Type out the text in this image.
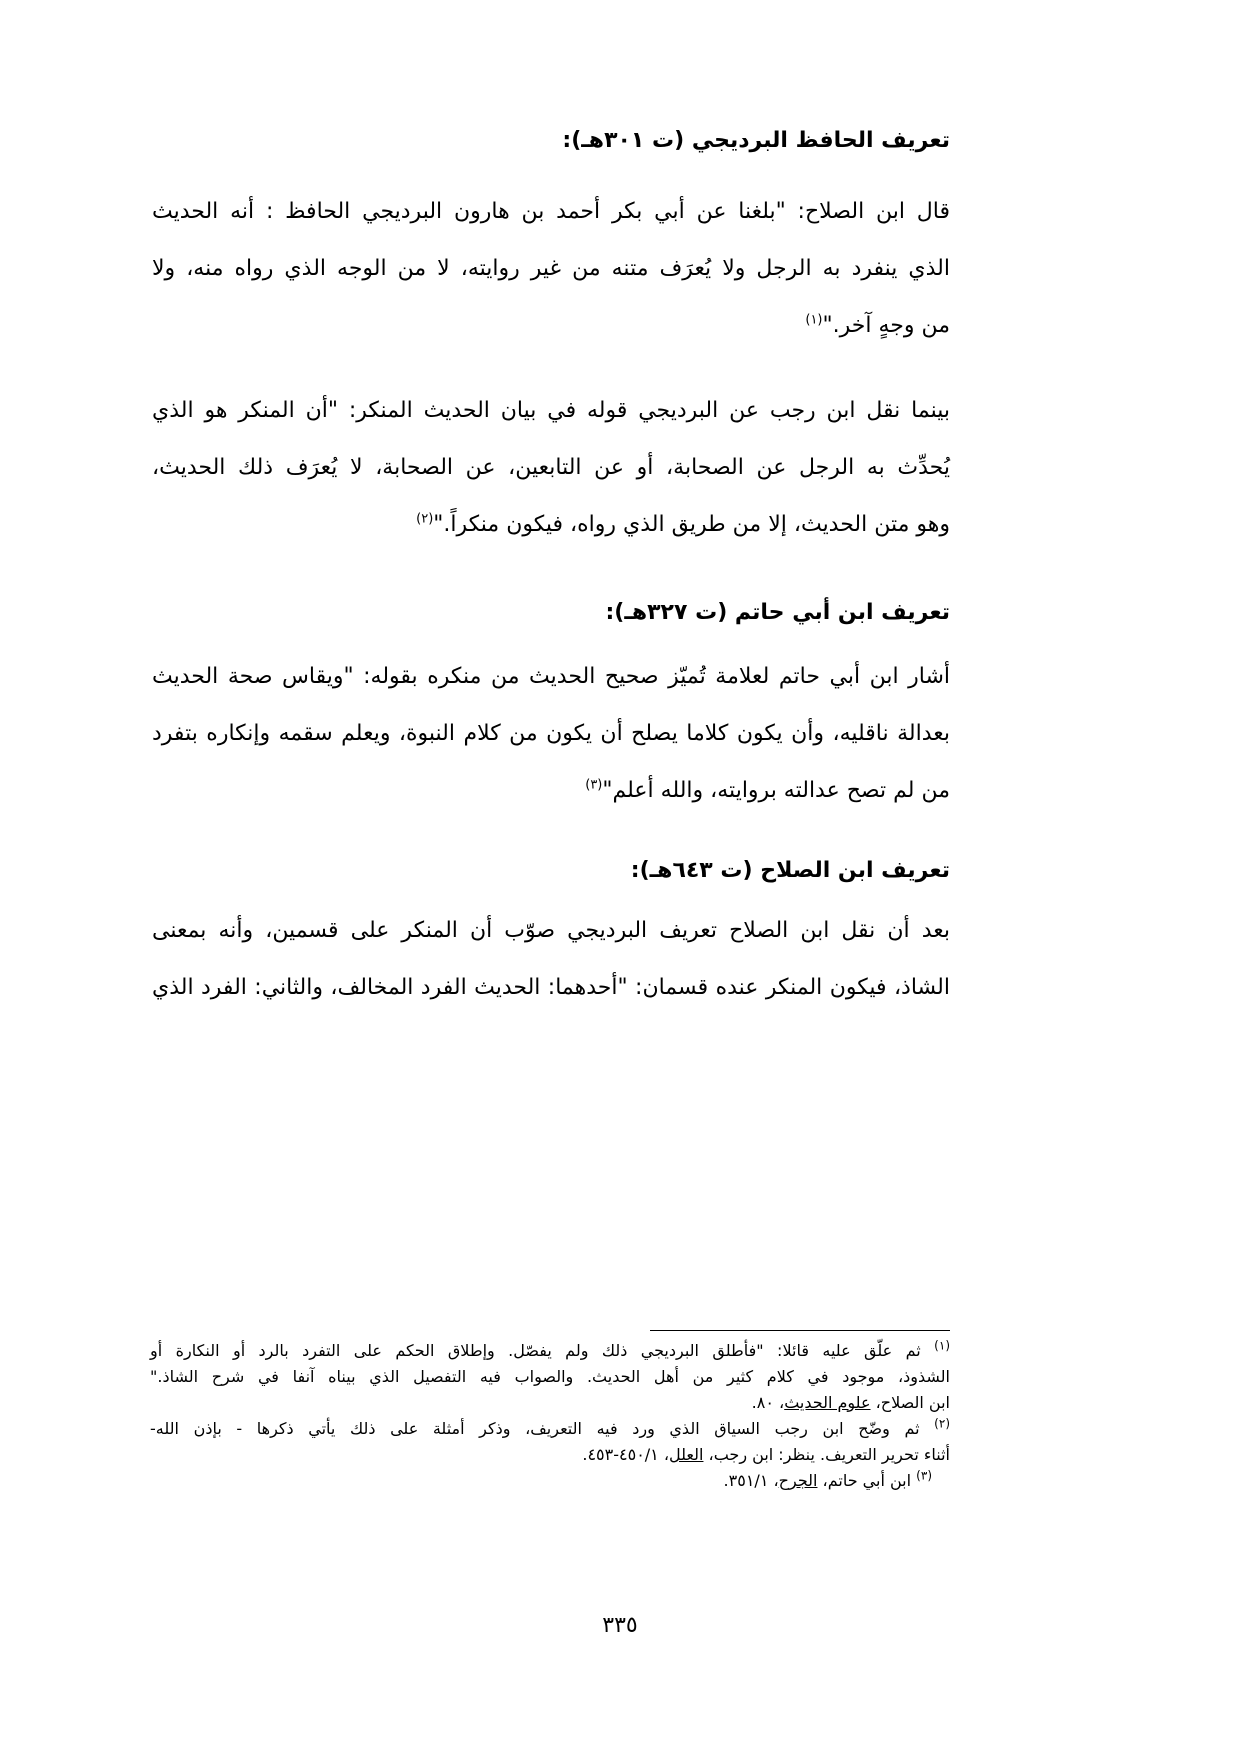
تعريف الحافظ البرديجي (ت ٣٠١هـ):
قال ابن الصلاح: "بلغنا عن أبي بكر أحمد بن هارون البرديجي الحافظ : أنه الحديث
الذي ينفرد به الرجل ولا يُعرَف متنه من غير روايته، لا من الوجه الذي رواه منه، ولا
من وجهٍ آخر."$^{(١)}$
بينما نقل ابن رجب عن البرديجي قوله في بيان الحديث المنكر: "أن المنكر هو الذي
يُحدِّث به الرجل عن الصحابة، أو عن التابعين، عن الصحابة، لا يُعرَف ذلك الحديث،
وهو متن الحديث، إلا من طريق الذي رواه، فيكون منكراً."$^{(٢)}$
تعريف ابن أبي حاتم (ت ٣٢٧هـ):
أشار ابن أبي حاتم لعلامة تُميّز صحيح الحديث من منكره بقوله: "ويقاس صحة الحديث
بعدالة ناقليه، وأن يكون كلاما يصلح أن يكون من كلام النبوة، ويعلم سقمه وإنكاره بتفرد
من لم تصح عدالته بروايته، والله أعلم"$^{(٣)}$
تعريف ابن الصلاح (ت ٦٤٣هـ):
بعد أن نقل ابن الصلاح تعريف البرديجي صوّب أن المنكر على قسمين، وأنه بمعنى
الشاذ، فيكون المنكر عنده قسمان: "أحدهما: الحديث الفرد المخالف، والثاني: الفرد الذي
$^{(١)}$ ثم علّق عليه قائلا: "فأطلق البرديجي ذلك ولم يفصّل. وإطلاق الحكم على التفرد بالرد أو النكارة أو
الشذوذ، موجود في كلام كثير من أهل الحديث. والصواب فيه التفصيل الذي بيناه آنفا في شرح الشاذ."
ابن الصلاح، علوم الحديث، ٨٠.
$^{(٢)}$ ثم وضّح ابن رجب السياق الذي ورد فيه التعريف، وذكر أمثلة على ذلك يأتي ذكرها - بإذن الله-
أثناء تحرير التعريف. ينظر: ابن رجب، العلل، ٤٥٠/١-٤٥٣.
$^{(٣)}$ ابن أبي حاتم، الجرح، ٣٥١/١.
٣٣٥
